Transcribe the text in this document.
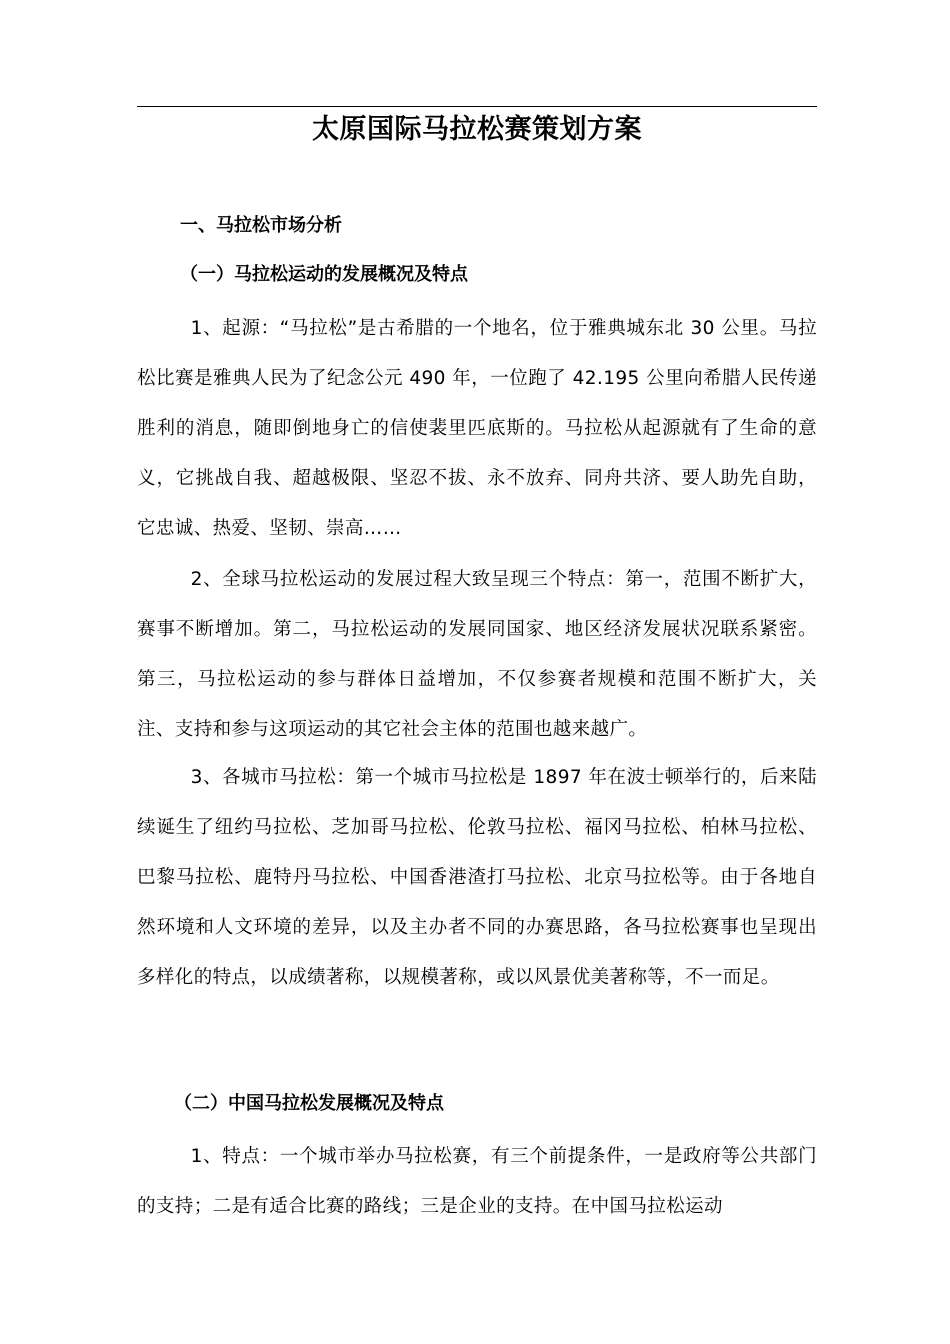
太原国际马拉松赛策划方案
一、马拉松市场分析
（一）马拉松运动的发展概况及特点
1、起源：“马拉松”是古希腊的一个地名，位于雅典城东北 30 公里。马拉松比赛是雅典人民为了纪念公元 490 年，一位跑了 42.195 公里向希腊人民传递胜利的消息，随即倒地身亡的信使裴里匹底斯的。马拉松从起源就有了生命的意义，它挑战自我、超越极限、坚忍不拔、永不放弃、同舟共济、要人助先自助，它忠诚、热爱、坚韧、崇高……
2、全球马拉松运动的发展过程大致呈现三个特点：第一，范围不断扩大，赛事不断增加。第二，马拉松运动的发展同国家、地区经济发展状况联系紧密。第三，马拉松运动的参与群体日益增加，不仅参赛者规模和范围不断扩大，关注、支持和参与这项运动的其它社会主体的范围也越来越广。
3、各城市马拉松：第一个城市马拉松是 1897 年在波士顿举行的，后来陆续诞生了纽约马拉松、芝加哥马拉松、伦敦马拉松、福冈马拉松、柏林马拉松、巴黎马拉松、鹿特丹马拉松、中国香港渣打马拉松、北京马拉松等。由于各地自然环境和人文环境的差异，以及主办者不同的办赛思路，各马拉松赛事也呈现出多样化的特点，以成绩著称，以规模著称，或以风景优美著称等，不一而足。
（二）中国马拉松发展概况及特点
1、特点：一个城市举办马拉松赛，有三个前提条件，一是政府等公共部门的支持；二是有适合比赛的路线；三是企业的支持。在中国马拉松运动
